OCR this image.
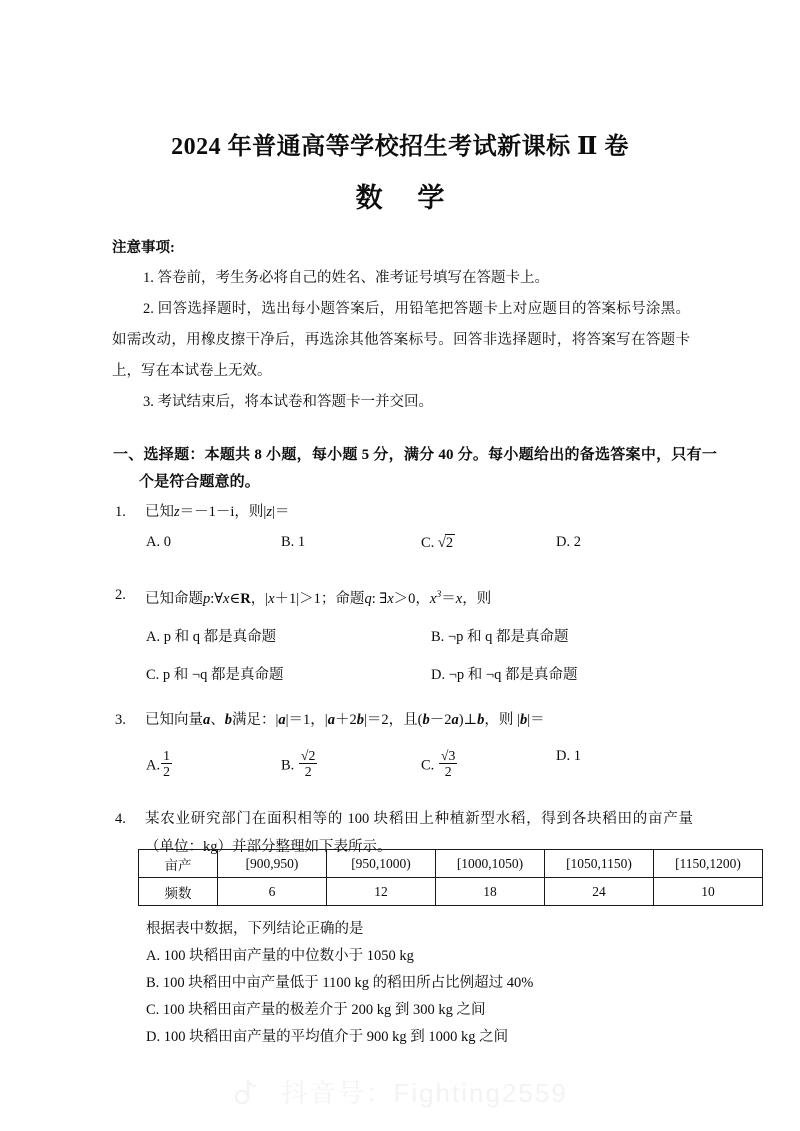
2024 年普通高等学校招生考试新课标 Ⅱ 卷
数 学
注意事项:
1. 答卷前，考生务必将自己的姓名、准考证号填写在答题卡上。
2. 回答选择题时，选出每小题答案后，用铅笔把答题卡上对应题目的答案标号涂黑。如需改动，用橡皮擦干净后，再选涂其他答案标号。回答非选择题时，将答案写在答题卡上，写在本试卷上无效。
3. 考试结束后，将本试卷和答题卡一并交回。
一、选择题：本题共 8 小题，每小题 5 分，满分 40 分。每小题给出的备选答案中，只有一个是符合题意的。
1. 已知z＝－1－i，则|z|＝
A. 0	B. 1	C. √2	D. 2
2. 已知命题p:∀x∈R，|x＋1|＞1；命题q: ∃x＞0，$x^3=x$，则
A. p 和 q 都是真命题	B. ¬p 和 q 都是真命题
C. p 和 ¬q 都是真命题	D. ¬p 和 ¬q 都是真命题
3. 已知向量a、b满足：|a|＝1，|a＋2b|＝2，且(b－2a)⊥b，则 |b|＝
A. $\frac{1}{2}$	B. $\frac{√2}{2}$	C. $\frac{√3}{2}$	D. 1
4. 某农业研究部门在面积相等的 100 块稻田上种植新型水稻，得到各块稻田的亩产量（单位：kg）并部分整理如下表所示。
亩产	[900,950)	[950,1000)	[1000,1050)	[1050,1150)	[1150,1200)
频数	6	12	18	24	10
根据表中数据，下列结论正确的是
A. 100 块稻田亩产量的中位数小于 1050 kg
B. 100 块稻田中亩产量低于 1100 kg 的稻田所占比例超过 40%
C. 100 块稻田亩产量的极差介于 200 kg 到 300 kg 之间
D. 100 块稻田亩产量的平均值介于 900 kg 到 1000 kg 之间
抖音号：Fighting2559
